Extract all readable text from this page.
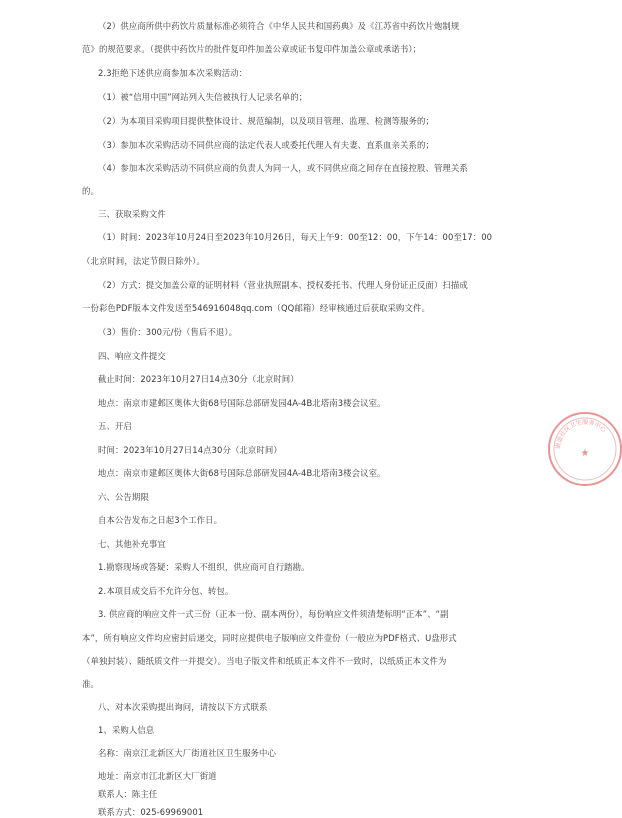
（2）供应商所供中药饮片质量标准必须符合《中华人民共和国药典》及《江苏省中药饮片炮制规
范》的规范要求。（提供中药饮片的批件复印件加盖公章或证书复印件加盖公章或承诺书）；
2.3拒绝下述供应商参加本次采购活动：
（1）被“信用中国”网站列入失信被执行人记录名单的；
（2）为本项目采购项目提供整体设计、规范编制，以及项目管理、监理、检测等服务的；
（3）参加本次采购活动不同供应商的法定代表人或委托代理人有夫妻、直系血亲关系的；
（4）参加本次采购活动不同供应商的负责人为同一人，或不同供应商之间存在直接控股、管理关系
的。
三、获取采购文件
（1）时间：2023年10月24日至2023年10月26日，每天上午9：00至12：00，下午14：00至17：00
（北京时间，法定节假日除外）。
（2）方式：提交加盖公章的证明材料（营业执照副本、授权委托书、代理人身份证正反面）扫描成
一份彩色PDF版本文件发送至546916048qq.com（QQ邮箱）经审核通过后获取采购文件。
（3）售价：300元/份（售后不退）。
四、响应文件提交
截止时间：2023年10月27日14点30分（北京时间）
地点：南京市建邺区奥体大街68号国际总部研发园4A-4B北塔南3楼会议室。
五、开启
时间：2023年10月27日14点30分（北京时间）
地点：南京市建邺区奥体大街68号国际总部研发园4A-4B北塔南3楼会议室。
六、公告期限
自本公告发布之日起3个工作日。
七、其他补充事宜
1.勘察现场或答疑：采购人不组织，供应商可自行踏勘。
2.本项目成交后不允许分包、转包。
3. 供应商的响应文件一式三份（正本一份、副本两份），每份响应文件须清楚标明“正本”、“副
本”，所有响应文件均应密封后递交，同时应提供电子版响应文件壹份（一般应为PDF格式、U盘形式
（单独封装）、随纸质文件一并提交）。当电子版文件和纸质正本文件不一致时，以纸质正本文件为
准。
八、对本次采购提出询问，请按以下方式联系
1、采购人信息
名称：南京江北新区大厂街道社区卫生服务中心
地址：南京市江北新区大厂街道
联系人：陈主任
联系方式：025-69969001
街道社区卫生服务中心
★
